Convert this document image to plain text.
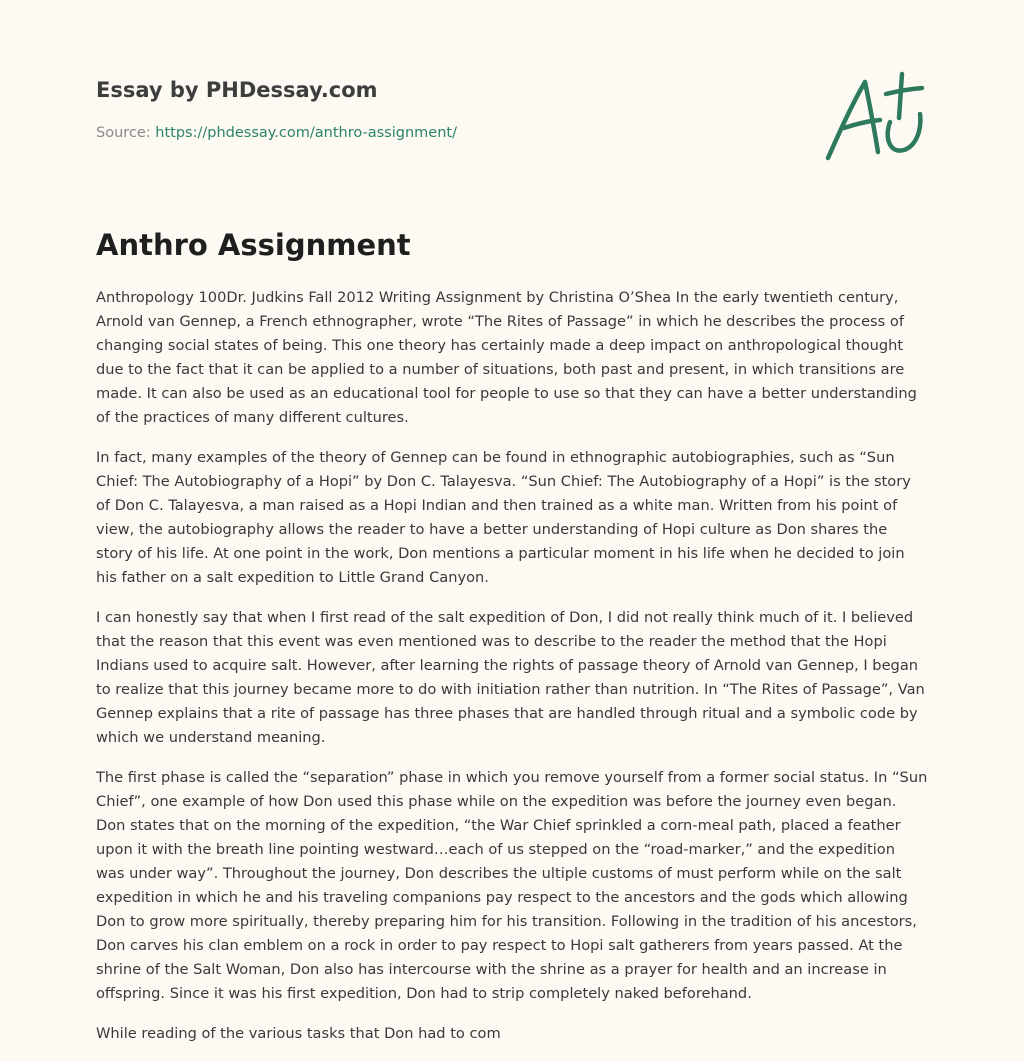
Essay by PHDessay.com
Source: https://phdessay.com/anthro-assignment/
Anthro Assignment

Anthropology 100Dr. Judkins Fall 2012 Writing Assignment by Christina O’Shea In the early twentieth century, Arnold van Gennep, a French ethnographer, wrote “The Rites of Passage” in which he describes the process of changing social states of being. This one theory has certainly made a deep impact on anthropological thought due to the fact that it can be applied to a number of situations, both past and present, in which transitions are made. It can also be used as an educational tool for people to use so that they can have a better understanding of the practices of many different cultures.

In fact, many examples of the theory of Gennep can be found in ethnographic autobiographies, such as “Sun Chief: The Autobiography of a Hopi” by Don C. Talayesva. “Sun Chief: The Autobiography of a Hopi” is the story of Don C. Talayesva, a man raised as a Hopi Indian and then trained as a white man. Written from his point of view, the autobiography allows the reader to have a better understanding of Hopi culture as Don shares the story of his life. At one point in the work, Don mentions a particular moment in his life when he decided to join his father on a salt expedition to Little Grand Canyon.

I can honestly say that when I first read of the salt expedition of Don, I did not really think much of it. I believed that the reason that this event was even mentioned was to describe to the reader the method that the Hopi Indians used to acquire salt. However, after learning the rights of passage theory of Arnold van Gennep, I began to realize that this journey became more to do with initiation rather than nutrition. In “The Rites of Passage”, Van Gennep explains that a rite of passage has three phases that are handled through ritual and a symbolic code by which we understand meaning.

The first phase is called the “separation” phase in which you remove yourself from a former social status. In “Sun Chief”, one example of how Don used this phase while on the expedition was before the journey even began. Don states that on the morning of the expedition, “the War Chief sprinkled a corn-meal path, placed a feather upon it with the breath line pointing westward…each of us stepped on the “road-marker,” and the expedition was under way”. Throughout the journey, Don describes the ultiple customs of must perform while on the salt expedition in which he and his traveling companions pay respect to the ancestors and the gods which allowing Don to grow more spiritually, thereby preparing him for his transition. Following in the tradition of his ancestors, Don carves his clan emblem on a rock in order to pay respect to Hopi salt gatherers from years passed. At the shrine of the Salt Woman, Don also has intercourse with the shrine as a prayer for health and an increase in offspring. Since it was his first expedition, Don had to strip completely naked beforehand.

While reading of the various tasks that Don had to com
